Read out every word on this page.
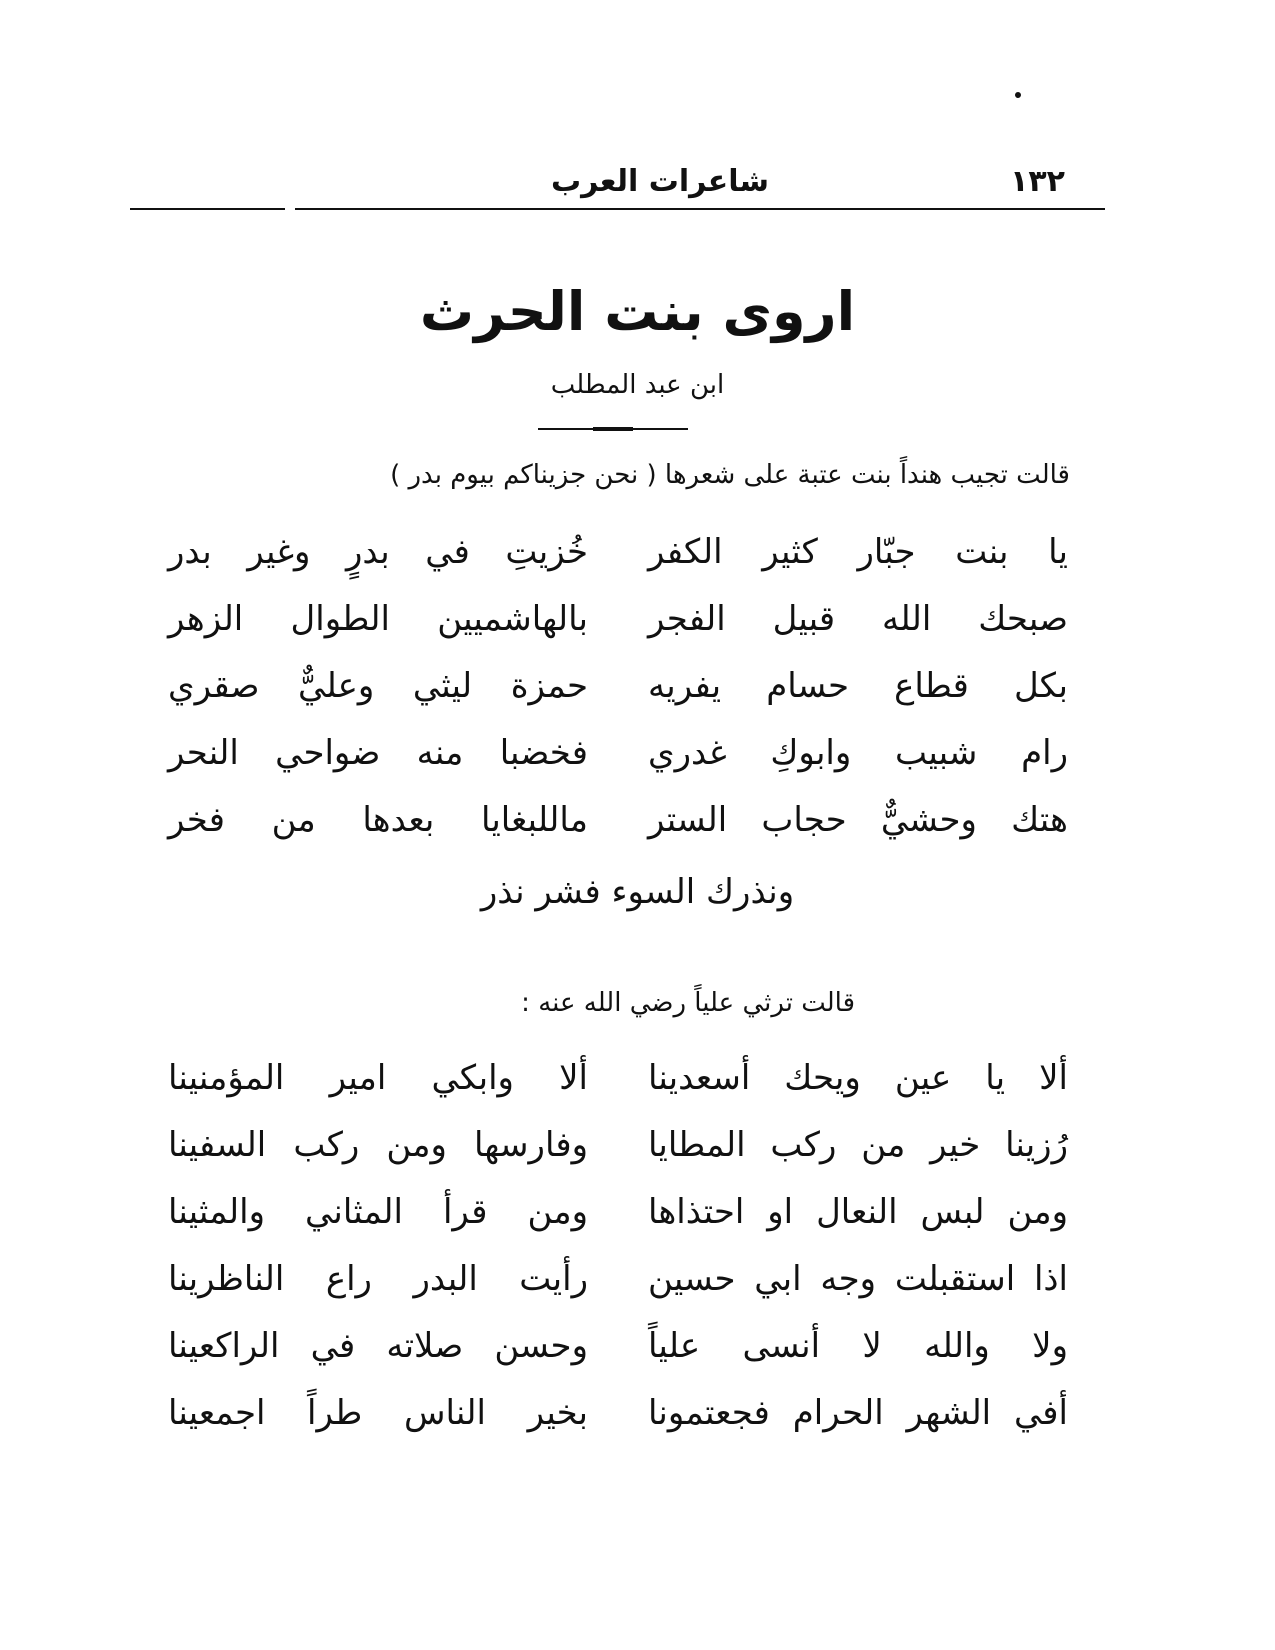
١٣٢
شاعرات العرب
اروى بنت الحرث
ابن عبد المطلب
قالت تجيب هنداً بنت عتبة على شعرها ( نحن جزيناكم بيوم بدر )
يا بنت جبّار كثير الكفر
خُزيتِ في بدرٍ وغير بدر
صبحك الله قبيل الفجر
بالهاشميين الطوال الزهر
بكل قطاع حسام يفريه
حمزة ليثي وعليٌّ صقري
رام شبيب وابوكِ غدري
فخضبا منه ضواحي النحر
هتك وحشيٌّ حجاب الستر
ماللبغايا بعدها من فخر
ونذرك السوء فشر نذر
قالت ترثي علياً رضي الله عنه :
ألا يا عين ويحك أسعدينا
ألا وابكي امير المؤمنينا
رُزينا خير من ركب المطايا
وفارسها ومن ركب السفينا
ومن لبس النعال او احتذاها
ومن قرأ المثاني والمثينا
اذا استقبلت وجه ابي حسين
رأيت البدر راع الناظرينا
ولا والله لا أنسى علياً
وحسن صلاته في الراكعينا
أفي الشهر الحرام فجعتمونا
بخير الناس طراً اجمعينا
